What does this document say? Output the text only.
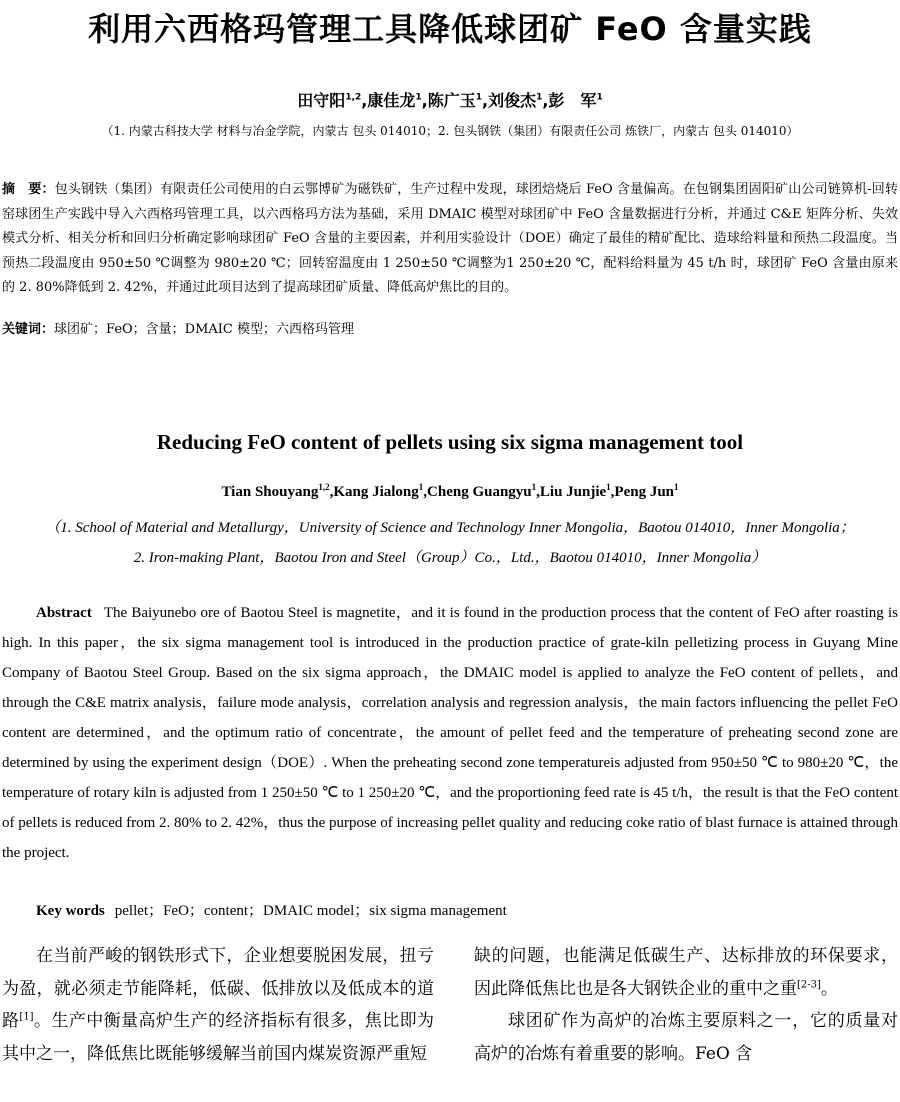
利用六西格玛管理工具降低球团矿 FeO 含量实践
田守阳$^{1,2}$,康佳龙$^1$,陈广玉$^1$,刘俊杰$^1$,彭　军$^1$
（1. 内蒙古科技大学 材料与冶金学院，内蒙古 包头 014010；2. 包头钢铁（集团）有限责任公司 炼铁厂，内蒙古 包头 014010）
摘　要：包头钢铁（集团）有限责任公司使用的白云鄂博矿为磁铁矿，生产过程中发现，球团焙烧后 FeO 含量偏高。在包钢集团固阳矿山公司链箅机-回转窑球团生产实践中导入六西格玛管理工具，以六西格玛方法为基础，采用 DMAIC 模型对球团矿中 FeO 含量数据进行分析，并通过 C&E 矩阵分析、失效模式分析、相关分析和回归分析确定影响球团矿 FeO 含量的主要因素，并利用实验设计（DOE）确定了最佳的精矿配比、造球给料量和预热二段温度。当预热二段温度由 950±50 ℃调整为 980±20 ℃；回转窑温度由 1 250±50 ℃调整为1 250±20 ℃，配料给料量为 45 t/h 时，球团矿 FeO 含量由原来的 2. 80%降低到 2. 42%，并通过此项目达到了提高球团矿质量、降低高炉焦比的目的。
关键词：球团矿；FeO；含量；DMAIC 模型；六西格玛管理
Reducing FeO content of pellets using six sigma management tool
Tian Shouyang$^{1,2}$,Kang Jialong$^1$,Cheng Guangyu$^1$,Liu Junjie$^1$,Peng Jun$^1$
（1. School of Material and Metallurgy，University of Science and Technology Inner Mongolia，Baotou 014010，Inner Mongolia；
2. Iron-making Plant，Baotou Iron and Steel（Group）Co.，Ltd.，Baotou 014010，Inner Mongolia）
Abstract The Baiyunebo ore of Baotou Steel is magnetite，and it is found in the production process that the content of FeO after roasting is high. In this paper，the six sigma management tool is introduced in the production practice of grate-kiln pelletizing process in Guyang Mine Company of Baotou Steel Group. Based on the six sigma approach，the DMAIC model is applied to analyze the FeO content of pellets，and through the C&E matrix analysis，failure mode analysis，correlation analysis and regression analysis，the main factors influencing the pellet FeO content are determined，and the optimum ratio of concentrate，the amount of pellet feed and the temperature of preheating second zone are determined by using the experiment design（DOE）. When the preheating second zone temperatureis adjusted from 950±50 ℃ to 980±20 ℃，the temperature of rotary kiln is adjusted from 1 250±50 ℃ to 1 250±20 ℃，and the proportioning feed rate is 45 t/h，the result is that the FeO content of pellets is reduced from 2. 80% to 2. 42%，thus the purpose of increasing pellet quality and reducing coke ratio of blast furnace is attained through the project.
Key words pellet；FeO；content；DMAIC model；six sigma management
在当前严峻的钢铁形式下，企业想要脱困发展，扭亏为盈，就必须走节能降耗，低碳、低排放以及低成本的道路[1]。生产中衡量高炉生产的经济指标有很多，焦比即为其中之一，降低焦比既能够缓解当前国内煤炭资源严重短
缺的问题，也能满足低碳生产、达标排放的环保要求，因此降低焦比也是各大钢铁企业的重中之重[2-3]。
球团矿作为高炉的冶炼主要原料之一，它的质量对高炉的冶炼有着重要的影响。FeO 含
